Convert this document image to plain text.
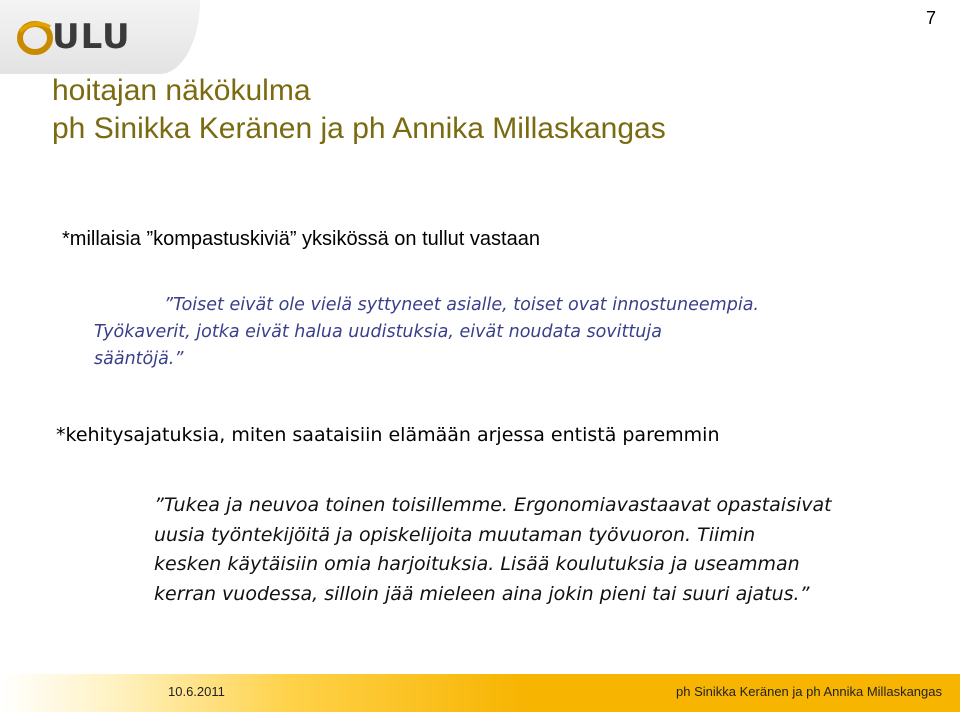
ULU	7
hoitajan näkökulma
ph Sinikka Keränen ja ph Annika Millaskangas
*millaisia ”kompastuskiviä” yksikössä on tullut vastaan
”Toiset eivät ole vielä syttyneet asialle, toiset ovat innostuneempia.
Työkaverit, jotka eivät halua uudistuksia, eivät noudata sovittuja
sääntöjä.”
*kehitysajatuksia, miten saataisiin elämään arjessa entistä paremmin
”Tukea ja neuvoa toinen toisillemme. Ergonomiavastaavat opastaisivat
uusia työntekijöitä ja opiskelijoita muutaman työvuoron. Tiimin
kesken käytäisiin omia harjoituksia. Lisää koulutuksia ja useamman
kerran vuodessa, silloin jää mieleen aina jokin pieni tai suuri ajatus.”
10.6.2011	ph Sinikka Keränen ja ph Annika Millaskangas
